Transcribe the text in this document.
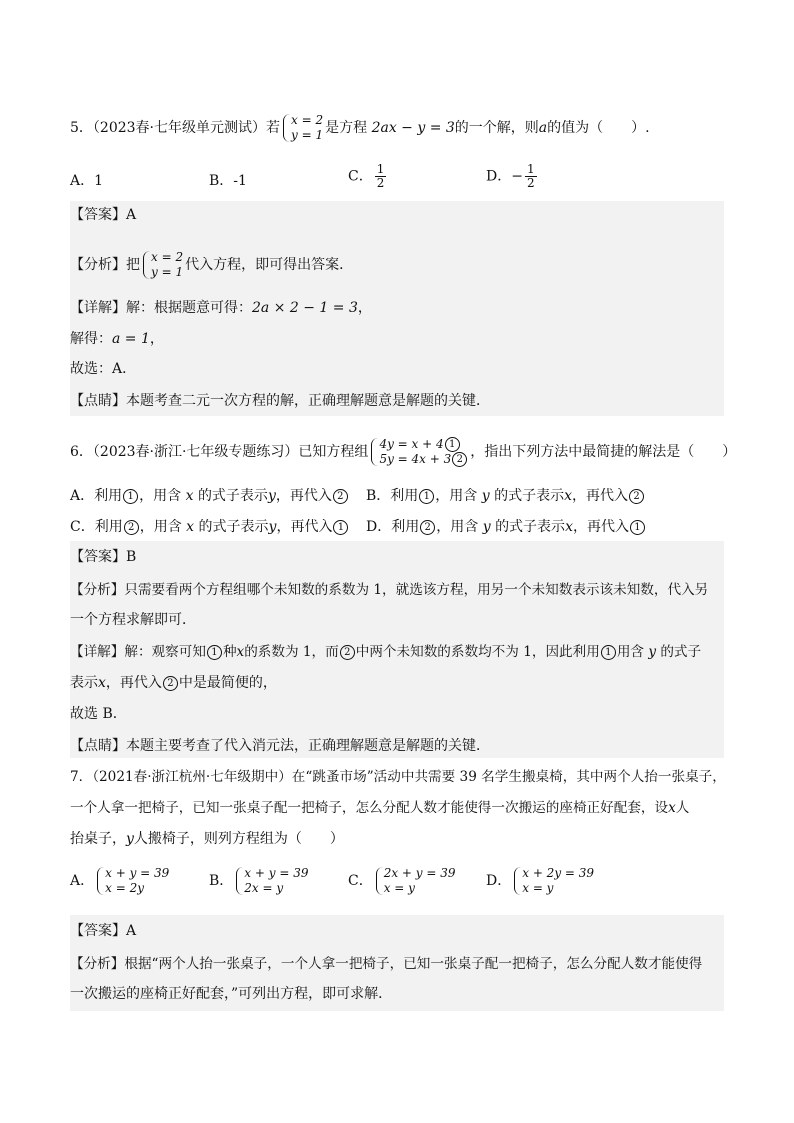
5．（2023春·七年级单元测试）若 x = 2
y = 1 是方程 2ax − y = 3的一个解，则a的值为（　　）.
A．1	B．-1	C． $\frac{1}{2}$	D．− $\frac{1}{2}$
【答案】A
【分析】把 x = 2
y = 1 代入方程，即可得出答案．
【详解】解：根据题意可得：2a × 2 − 1 = 3，
解得：a = 1，
故选：A．
【点睛】本题考查二元一次方程的解，正确理解题意是解题的关键．
6．（2023春·浙江·七年级专题练习）已知方程组 4y = x + 41
5y = 4x + 3 2	，指出下列方法中最简捷的解法是（　　）
A．利用 1 ，用含 x 的式子表示y，再代入 2	B．利用 1 ，用含 y 的式子表示x，再代入2
C．利用 2 ，用含 x 的式子表示y，再代入 1	D．利用 2 ，用含 y 的式子表示x，再代入1
【答案】B
【分析】只需要看两个方程组哪个未知数的系数为 1，就选该方程，用另一个未知数表示该未知数，代入另
一个方程求解即可．
【详解】解：观察可知 1 种x的系数为 1，而 2 中两个未知数的系数均不为 1，因此利用 1 用含 y 的式子
表示x，再代入 2 中是最简便的，
故选 B．
【点睛】本题主要考查了代入消元法，正确理解题意是解题的关键．
7．（2021春·浙江杭州·七年级期中）在“跳蚤市场”活动中共需要 39 名学生搬桌椅，其中两个人抬一张桌子，
一个人拿一把椅子，已知一张桌子配一把椅子，怎么分配人数才能使得一次搬运的座椅正好配套，设x人
抬桌子，y人搬椅子，则列方程组为（　　）
A． x + y = 39
x = 2y	B． x + y = 39
2x = y	C． 2x + y = 39
x = y	D． x + 2y = 39
x = y
【答案】A
【分析】根据“两个人抬一张桌子，一个人拿一把椅子，已知一张桌子配一把椅子，怎么分配人数才能使得
一次搬运的座椅正好配套，”可列出方程，即可求解．
